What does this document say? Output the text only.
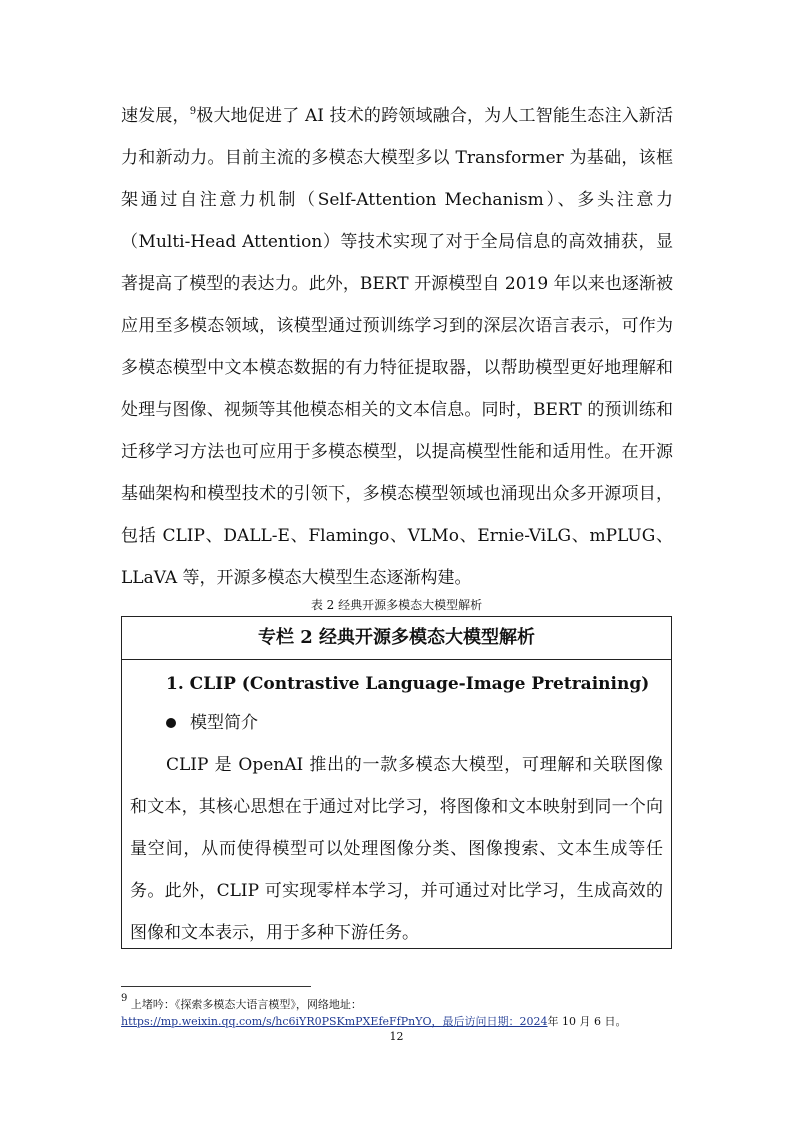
速发展，$^9$极大地促进了 AI 技术的跨领域融合，为人工智能生态注入新活力和新动力。目前主流的多模态大模型多以 Transformer 为基础，该框架通过自注意力机制（Self-Attention Mechanism）、多头注意力（Multi-Head Attention）等技术实现了对于全局信息的高效捕获，显著提高了模型的表达力。此外，BERT 开源模型自 2019 年以来也逐渐被应用至多模态领域，该模型通过预训练学习到的深层次语言表示，可作为多模态模型中文本模态数据的有力特征提取器，以帮助模型更好地理解和处理与图像、视频等其他模态相关的文本信息。同时，BERT 的预训练和迁移学习方法也可应用于多模态模型，以提高模型性能和适用性。在开源基础架构和模型技术的引领下，多模态模型领域也涌现出众多开源项目，包括 CLIP、DALL-E、Flamingo、VLMo、Ernie-ViLG、mPLUG、LLaVA 等，开源多模态大模型生态逐渐构建。

表 2 经典开源多模态大模型解析
专栏 2 经典开源多模态大模型解析
1. CLIP (Contrastive Language-Image Pretraining)
模型简介

CLIP 是 OpenAI 推出的一款多模态大模型，可理解和关联图像和文本，其核心思想在于通过对比学习，将图像和文本映射到同一个向量空间，从而使得模型可以处理图像分类、图像搜索、文本生成等任务。此外，CLIP 可实现零样本学习，并可通过对比学习，生成高效的图像和文本表示，用于多种下游任务。

$^9$ 上堵吟：《探索多模态大语言模型》，网络地址：
https://mp.weixin.qq.com/s/hc6iYR0PSKmPXEfeFfPnYO，最后访问日期：2024年 10 月 6 日。
12
